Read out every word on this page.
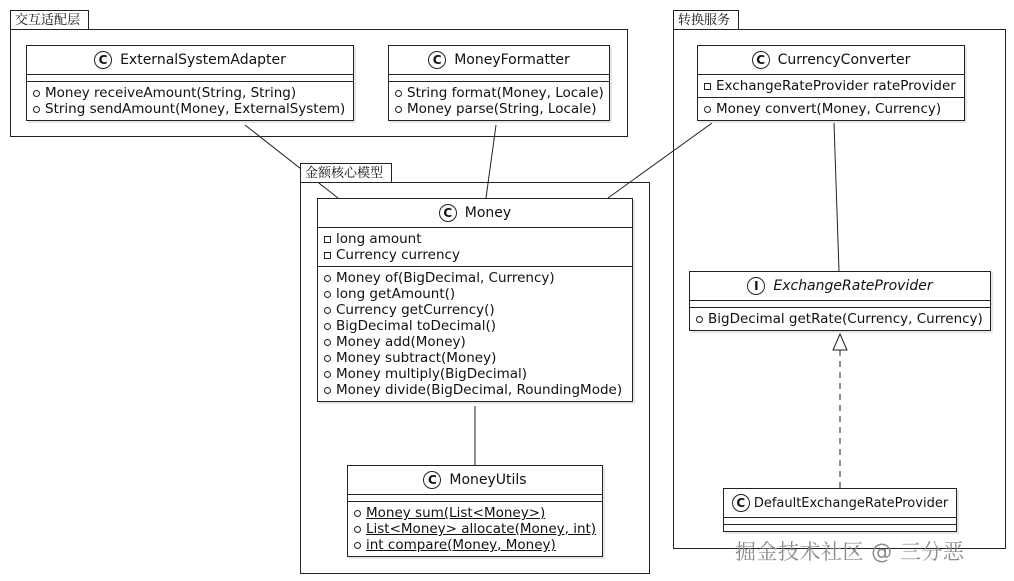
交互适配层	转换服务
金额核心模型
C ExternalSystemAdapter
Money receiveAmount(String, String)
String sendAmount(Money, ExternalSystem)
C MoneyFormatter
String format(Money, Locale)
Money parse(String, Locale)
C CurrencyConverter
ExchangeRateProvider rateProvider
Money convert(Money, Currency)
C Money
long amount
Currency currency
Money of(BigDecimal, Currency)
long getAmount()
Currency getCurrency()
BigDecimal toDecimal()
Money add(Money)
Money subtract(Money)
Money multiply(BigDecimal)
Money divide(BigDecimal, RoundingMode)
I	ExchangeRateProvider
BigDecimal getRate(Currency, Currency)
C MoneyUtils
Money sum(List<Money>)
List<Money> allocate(Money, int)
int compare(Money, Money)
C DefaultExchangeRateProvider
掘金技术社区 @ 三分恶
